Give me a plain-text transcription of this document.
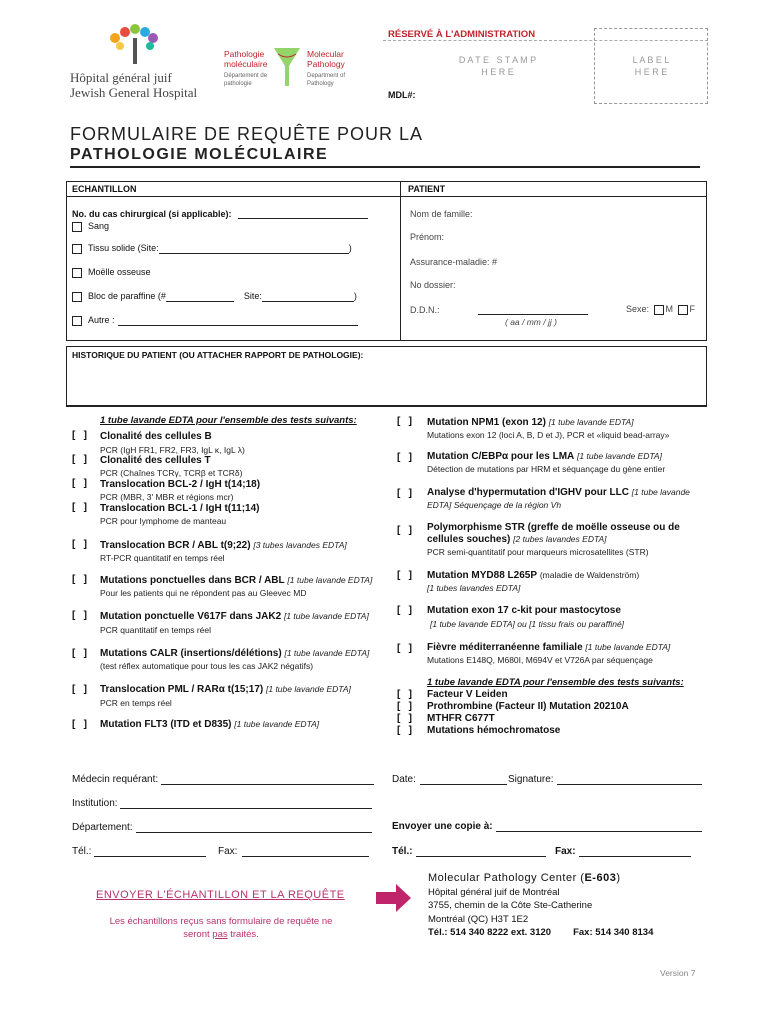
Hôpital général juif
Jewish General Hospital
Pathologie
moléculaire
Département de
pathologie
Molecular
Pathology
Department of
Pathology
RÉSERVÉ À L'ADMINISTRATION
D A T E   S T A M P
H E R E
L A B E L
H E R E
MDL#:
FORMULAIRE DE REQUÊTE POUR LA
PATHOLOGIE MOLÉCULAIRE
ECHANTILLON	PATIENT
No. du cas chirurgical (si applicable):
Sang
Tissu solide (Site:	)
Moëlle osseuse
Bloc de paraffine (#	Site:	)
Autre :
Nom de famille:
Prénom:
Assurance-maladie: #
No dossier:
D.D.N.:
( aa / mm / jj )
Sexe: M F
HISTORIQUE DU PATIENT (OU ATTACHER RAPPORT DE PATHOLOGIE):
1 tube lavande EDTA pour l'ensemble des tests suivants:
[   ] Clonalité des cellules B
PCR (IgH FR1, FR2, FR3, IgL κ, IgL λ)
[   ] Clonalité des cellules T
PCR (Chaînes TCRγ, TCRβ et TCRδ)
[   ] Translocation BCL-2 / IgH t(14;18)
PCR (MBR, 3' MBR et régions mcr)
[   ] Translocation BCL-1 / IgH t(11;14)
PCR pour lymphome de manteau
[   ] Translocation BCR / ABL t(9;22) [3 tubes lavandes EDTA]
RT-PCR quantitatif en temps réel
[   ] Mutations ponctuelles dans BCR / ABL [1 tube lavande EDTA]
Pour les patients qui ne répondent pas au Gleevec MD
[   ] Mutation ponctuelle V617F dans JAK2 [1 tube lavande EDTA]
PCR quantitatif en temps réel
[   ] Mutations CALR (insertions/délétions) [1 tube lavande EDTA]
(test réflex automatique pour tous les cas JAK2 négatifs)
[   ] Translocation PML / RARα t(15;17) [1 tube lavande EDTA]
PCR en temps réel
[   ] Mutation FLT3 (ITD et D835) [1 tube lavande EDTA]
[   ] Mutation NPM1 (exon 12) [1 tube lavande EDTA]
Mutations exon 12 (loci A, B, D et J), PCR et «liquid bead-array»
[   ] Mutation C/EBPα pour les LMA [1 tube lavande EDTA]
Détection de mutations par HRM et séquançage du gène entier
[   ] Analyse d'hypermutation d'IGHV pour LLC [1 tube lavande
EDTA] Séquençage de la région Vh
[   ] Polymorphisme STR (greffe de moëlle osseuse ou de
cellules souches) [2 tubes lavandes EDTA]
PCR semi-quantitatif pour marqueurs microsatellites (STR)
[   ] Mutation MYD88 L265P (maladie de Waldenström)
[1 tubes lavandes EDTA]
[   ] Mutation exon 17 c-kit pour mastocytose
[1 tube lavande EDTA] ou [1 tissu frais ou paraffiné]
[   ] Fièvre méditerranéenne familiale [1 tube lavande EDTA]
Mutations E148Q, M680I, M694V et V726A par séquençage
1 tube lavande EDTA pour l'ensemble des tests suivants:
[   ]
[   ]
[   ]
[   ]
Facteur V Leiden
Prothrombine (Facteur II) Mutation 20210A
MTHFR C677T
Mutations hémochromatose
Médecin requérant:	Date:	Signature:
Institution:
Département:	Envoyer une copie à:
Tél.:	Fax:	Tél.:	Fax:
ENVOYER L'ÉCHANTILLON ET LA REQUÊTE
Les échantillons reçus sans formulaire de requête ne
seront pas traités.
Molecular Pathology Center (E-603)
Hôpital général juif de Montréal
3755, chemin de la Côte Ste-Catherine
Montréal (QC) H3T 1E2
Tél.: 514 340 8222 ext. 3120 Fax: 514 340 8134
Version 7
